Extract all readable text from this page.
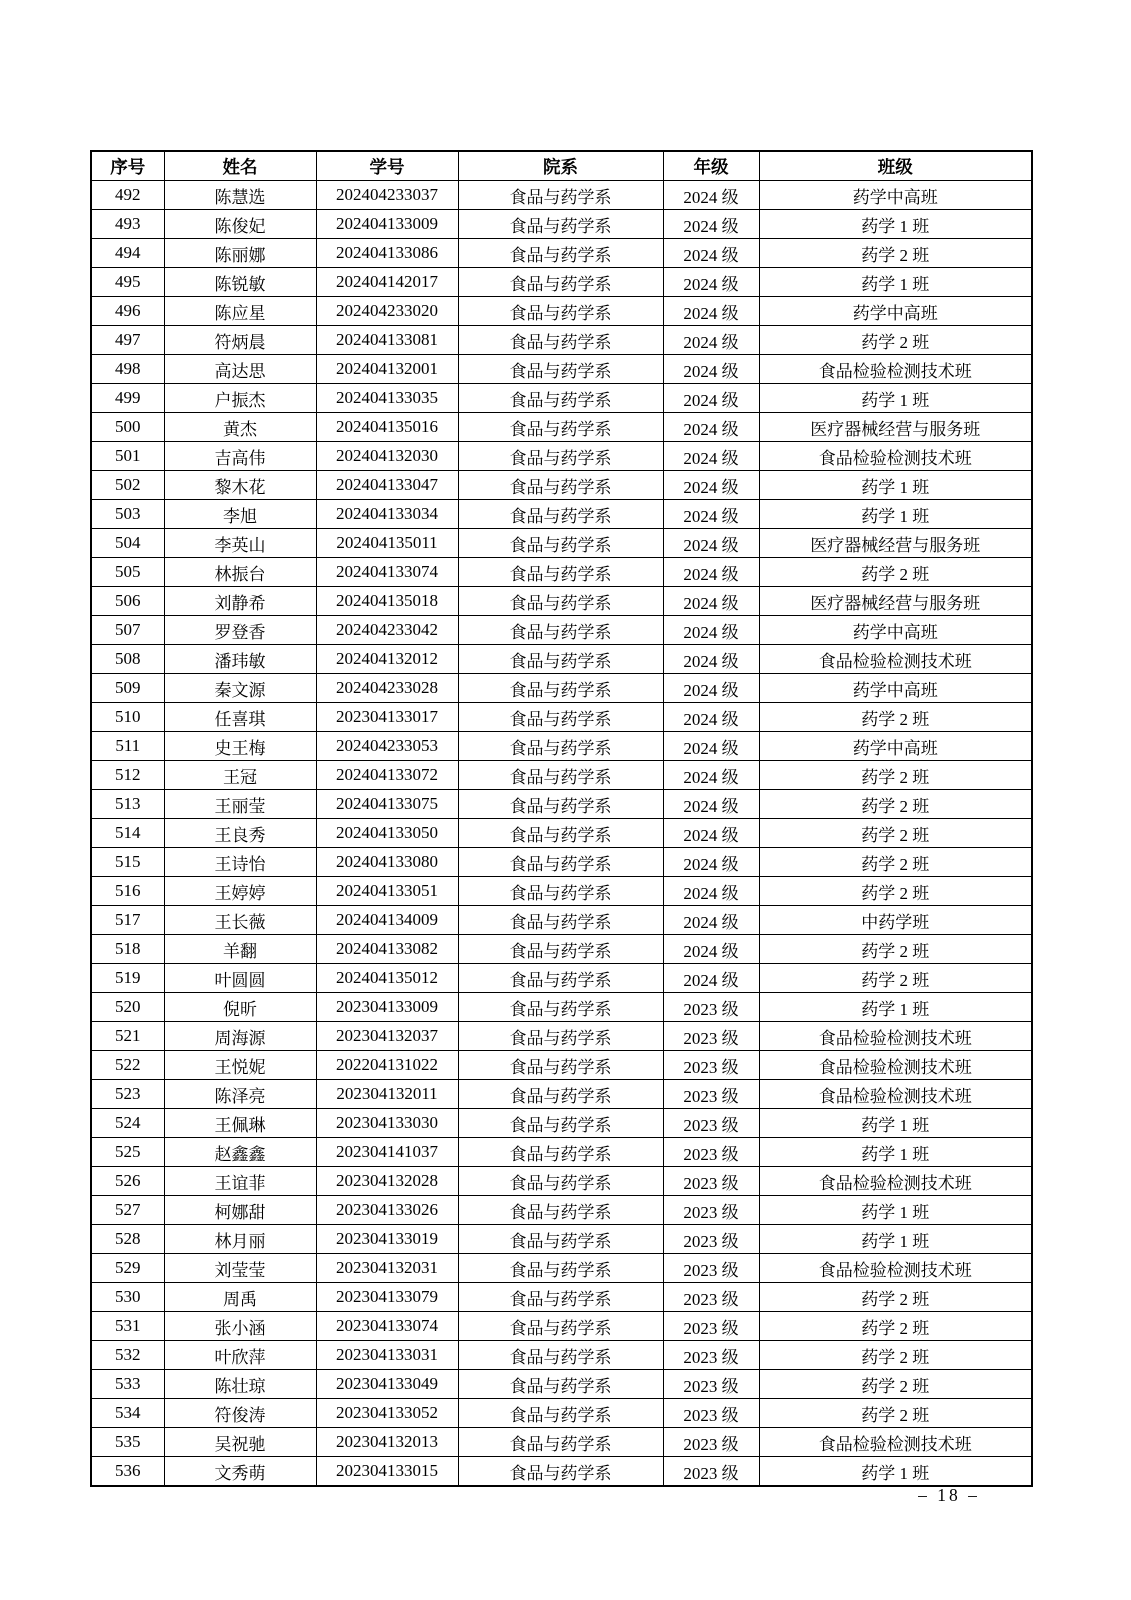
序号	姓名	学号	院系	年级	班级
492	陈慧选	202404233037	食品与药学系	2024 级	药学中高班
493	陈俊妃	202404133009	食品与药学系	2024 级	药学 1 班
494	陈丽娜	202404133086	食品与药学系	2024 级	药学 2 班
495	陈锐敏	202404142017	食品与药学系	2024 级	药学 1 班
496	陈应星	202404233020	食品与药学系	2024 级	药学中高班
497	符炳晨	202404133081	食品与药学系	2024 级	药学 2 班
498	高达思	202404132001	食品与药学系	2024 级	食品检验检测技术班
499	户振杰	202404133035	食品与药学系	2024 级	药学 1 班
500	黄杰	202404135016	食品与药学系	2024 级	医疗器械经营与服务班
501	吉高伟	202404132030	食品与药学系	2024 级	食品检验检测技术班
502	黎木花	202404133047	食品与药学系	2024 级	药学 1 班
503	李旭	202404133034	食品与药学系	2024 级	药学 1 班
504	李英山	202404135011	食品与药学系	2024 级	医疗器械经营与服务班
505	林振台	202404133074	食品与药学系	2024 级	药学 2 班
506	刘静希	202404135018	食品与药学系	2024 级	医疗器械经营与服务班
507	罗登香	202404233042	食品与药学系	2024 级	药学中高班
508	潘玮敏	202404132012	食品与药学系	2024 级	食品检验检测技术班
509	秦文源	202404233028	食品与药学系	2024 级	药学中高班
510	任喜琪	202304133017	食品与药学系	2024 级	药学 2 班
511	史王梅	202404233053	食品与药学系	2024 级	药学中高班
512	王冠	202404133072	食品与药学系	2024 级	药学 2 班
513	王丽莹	202404133075	食品与药学系	2024 级	药学 2 班
514	王良秀	202404133050	食品与药学系	2024 级	药学 2 班
515	王诗怡	202404133080	食品与药学系	2024 级	药学 2 班
516	王婷婷	202404133051	食品与药学系	2024 级	药学 2 班
517	王长薇	202404134009	食品与药学系	2024 级	中药学班
518	羊翻	202404133082	食品与药学系	2024 级	药学 2 班
519	叶圆圆	202404135012	食品与药学系	2024 级	药学 2 班
520	倪昕	202304133009	食品与药学系	2023 级	药学 1 班
521	周海源	202304132037	食品与药学系	2023 级	食品检验检测技术班
522	王悦妮	202204131022	食品与药学系	2023 级	食品检验检测技术班
523	陈泽亮	202304132011	食品与药学系	2023 级	食品检验检测技术班
524	王佩琳	202304133030	食品与药学系	2023 级	药学 1 班
525	赵鑫鑫	202304141037	食品与药学系	2023 级	药学 1 班
526	王谊菲	202304132028	食品与药学系	2023 级	食品检验检测技术班
527	柯娜甜	202304133026	食品与药学系	2023 级	药学 1 班
528	林月丽	202304133019	食品与药学系	2023 级	药学 1 班
529	刘莹莹	202304132031	食品与药学系	2023 级	食品检验检测技术班
530	周禹	202304133079	食品与药学系	2023 级	药学 2 班
531	张小涵	202304133074	食品与药学系	2023 级	药学 2 班
532	叶欣萍	202304133031	食品与药学系	2023 级	药学 2 班
533	陈壮琼	202304133049	食品与药学系	2023 级	药学 2 班
534	符俊涛	202304133052	食品与药学系	2023 级	药学 2 班
535	吴祝驰	202304132013	食品与药学系	2023 级	食品检验检测技术班
536	文秀萌	202304133015	食品与药学系	2023 级	药学 1 班
– 18 –
